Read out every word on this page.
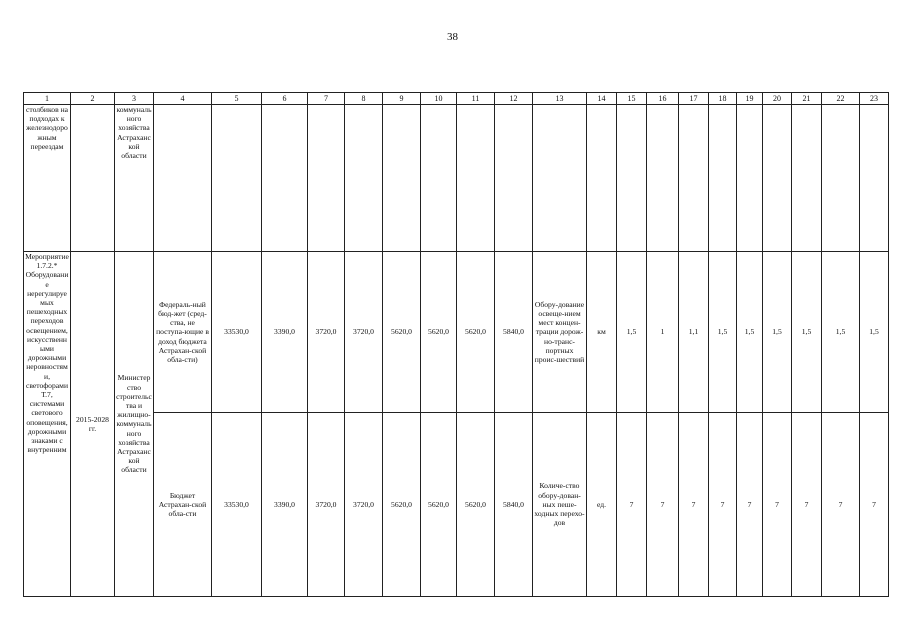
38
1	2	3	4	5	6	7	8	9	10	11	12	13	14	15	16	17	18	19	20	21	22	23
столбиков на подходах к железнодорожным переездам		коммунального хозяйства Астраханской области																				

Мероприятие 1.7.2.* Оборудование нерегулируемых пешеходных переходов освещением, искусственными дорожными неровностями, светофорами Т.7, системами светового оповещения, дорожными знаками с внутренним	2015-2028 гг.	Министерство строительства и жилищно-коммунального хозяйства Астраханской области	Федераль-ный бюд-жет (сред-ства, не поступа-ющие в доход бюджета Астрахан-ской обла-сти)	33530,0	3390,0	3720,0	3720,0	5620,0	5620,0	5620,0	5840,0	Обору-дование освеще-нием мест концен-трации дорож-но-транс-портных проис-шествий	км	1,5	1	1,1	1,5	1,5	1,5	1,5	1,5	1,5
			Бюджет Астрахан-ской обла-сти	33530,0	3390,0	3720,0	3720,0	5620,0	5620,0	5620,0	5840,0	Количе-ство обору-дован-ных пеше-ходных перехо-дов	ед.	7	7	7	7	7	7	7	7	7
